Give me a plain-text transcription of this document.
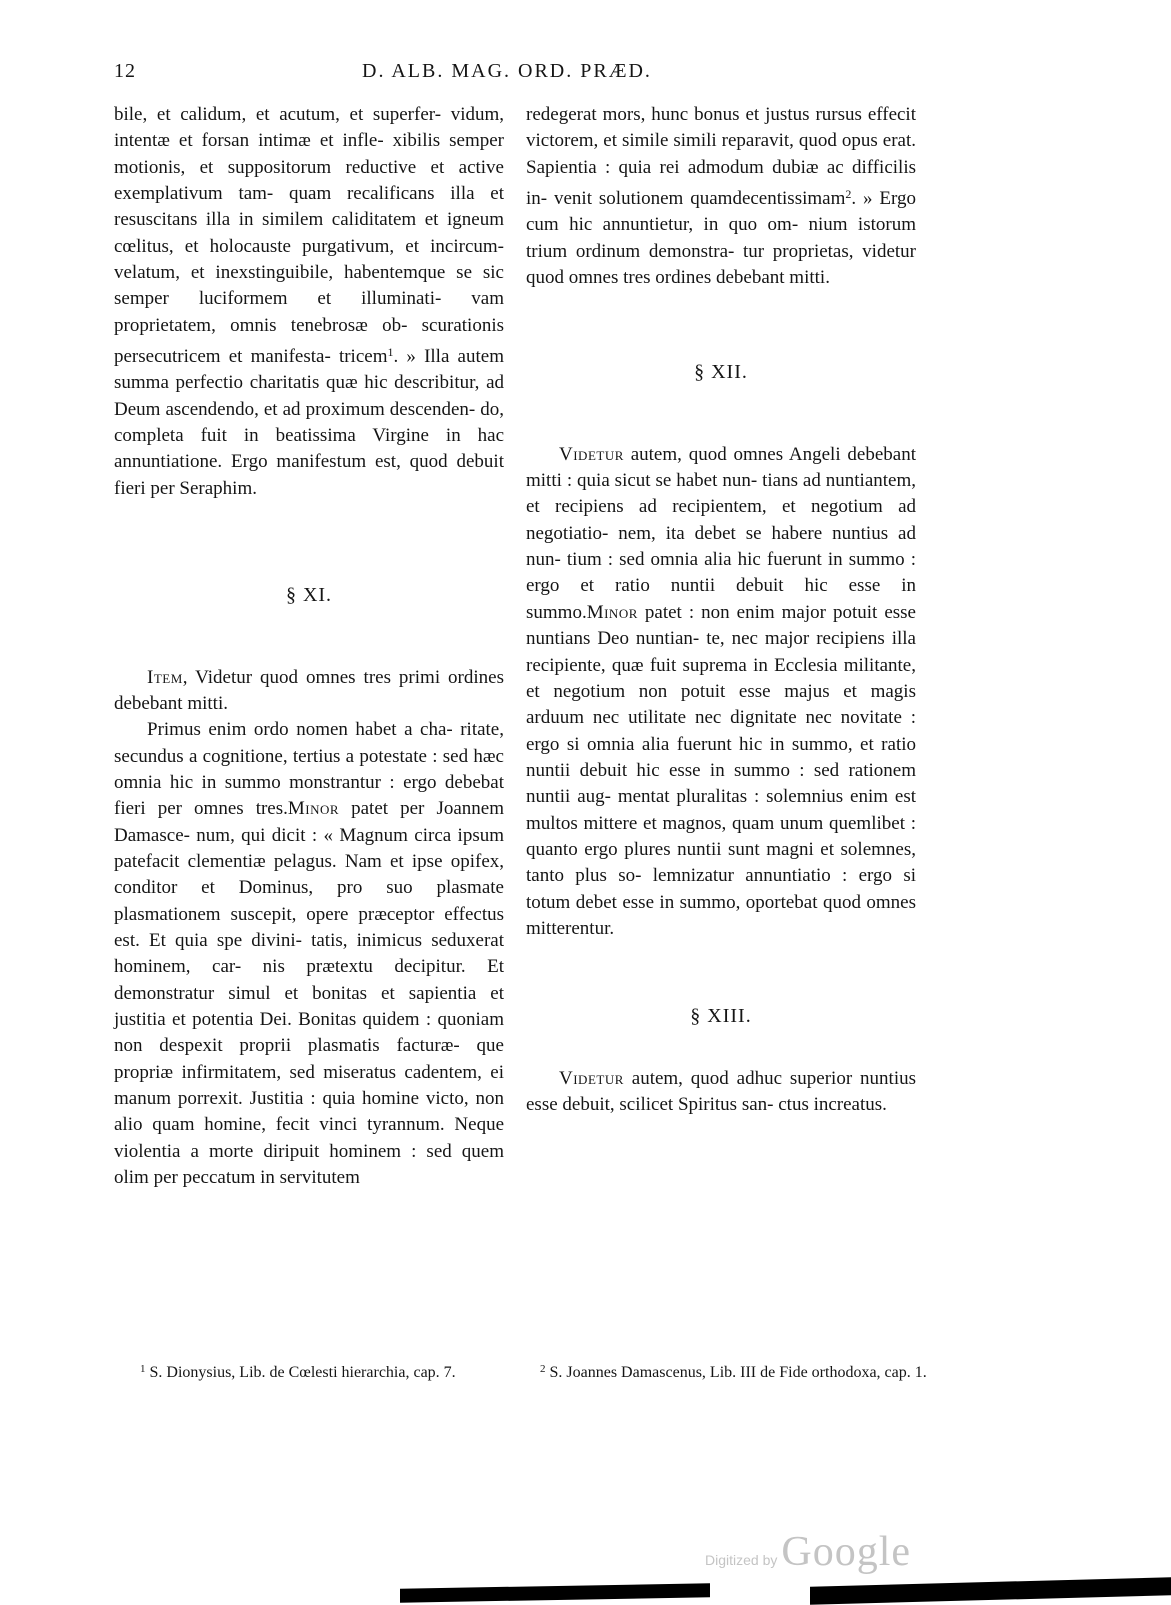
12	D. ALB. MAG. ORD. PRÆD.

bile, et calidum, et acutum, et superfer- vidum, intentæ et forsan intimæ et infle- xibilis semper motionis, et suppositorum reductive et active exemplativum tam- quam recalificans illa et resuscitans illa in similem caliditatem et igneum cœlitus, et holocauste purgativum, et incircum- velatum, et inexstinguibile, habentemque se sic semper luciformem et illuminati- vam proprietatem, omnis tenebrosæ ob- scurationis persecutricem et manifesta- tricem$^1$. » Illa autem summa perfectio charitatis quæ hic describitur, ad Deum ascendendo, et ad proximum descenden- do, completa fuit in beatissima Virgine in hac annuntiatione. Ergo manifestum est, quod debuit fieri per Seraphim.

§ XI.

Item, Videtur quod omnes tres primi ordines debebant mitti.

Primus enim ordo nomen habet a cha- ritate, secundus a cognitione, tertius a potestate : sed hæc omnia hic in summo monstrantur : ergo debebat fieri per omnes tres.Minor patet per Joannem Damasce- num, qui dicit : « Magnum circa ipsum patefacit clementiæ pelagus. Nam et ipse opifex, conditor et Dominus, pro suo plasmate plasmationem suscepit, opere præceptor effectus est. Et quia spe divini- tatis, inimicus seduxerat hominem, car- nis prætextu decipitur. Et demonstratur simul et bonitas et sapientia et justitia et potentia Dei. Bonitas quidem : quoniam non despexit proprii plasmatis facturæ- que propriæ infirmitatem, sed miseratus cadentem, ei manum porrexit. Justitia : quia homine victo, non alio quam homine, fecit vinci tyrannum. Neque violentia a morte diripuit hominem : sed quem olim per peccatum in servitutem

redegerat mors, hunc bonus et justus rursus effecit victorem, et simile simili reparavit, quod opus erat. Sapientia : quia rei admodum dubiæ ac difficilis in- venit solutionem quamdecentissimam$^2$. » Ergo cum hic annuntietur, in quo om- nium istorum trium ordinum demonstra- tur proprietas, videtur quod omnes tres ordines debebant mitti.

§ XII.

Videtur autem, quod omnes Angeli debebant mitti : quia sicut se habet nun- tians ad nuntiantem, et recipiens ad recipientem, et negotium ad negotiatio- nem, ita debet se habere nuntius ad nun- tium : sed omnia alia hic fuerunt in summo : ergo et ratio nuntii debuit hic esse in summo.Minor patet : non enim major potuit esse nuntians Deo nuntian- te, nec major recipiens illa recipiente, quæ fuit suprema in Ecclesia militante, et negotium non potuit esse majus et magis arduum nec utilitate nec dignitate nec novitate : ergo si omnia alia fuerunt hic in summo, et ratio nuntii debuit hic esse in summo : sed rationem nuntii aug- mentat pluralitas : solemnius enim est multos mittere et magnos, quam unum quemlibet : quanto ergo plures nuntii sunt magni et solemnes, tanto plus so- lemnizatur annuntiatio : ergo si totum debet esse in summo, oportebat quod omnes mitterentur.

§ XIII.

Videtur autem, quod adhuc superior nuntius esse debuit, scilicet Spiritus san- ctus increatus.

$^1$ S. Dionysius, Lib. de Cœlesti hierarchia, cap. 7.	$^2$ S. Joannes Damascenus, Lib. III de Fide orthodoxa, cap. 1.
Digitized by Google
